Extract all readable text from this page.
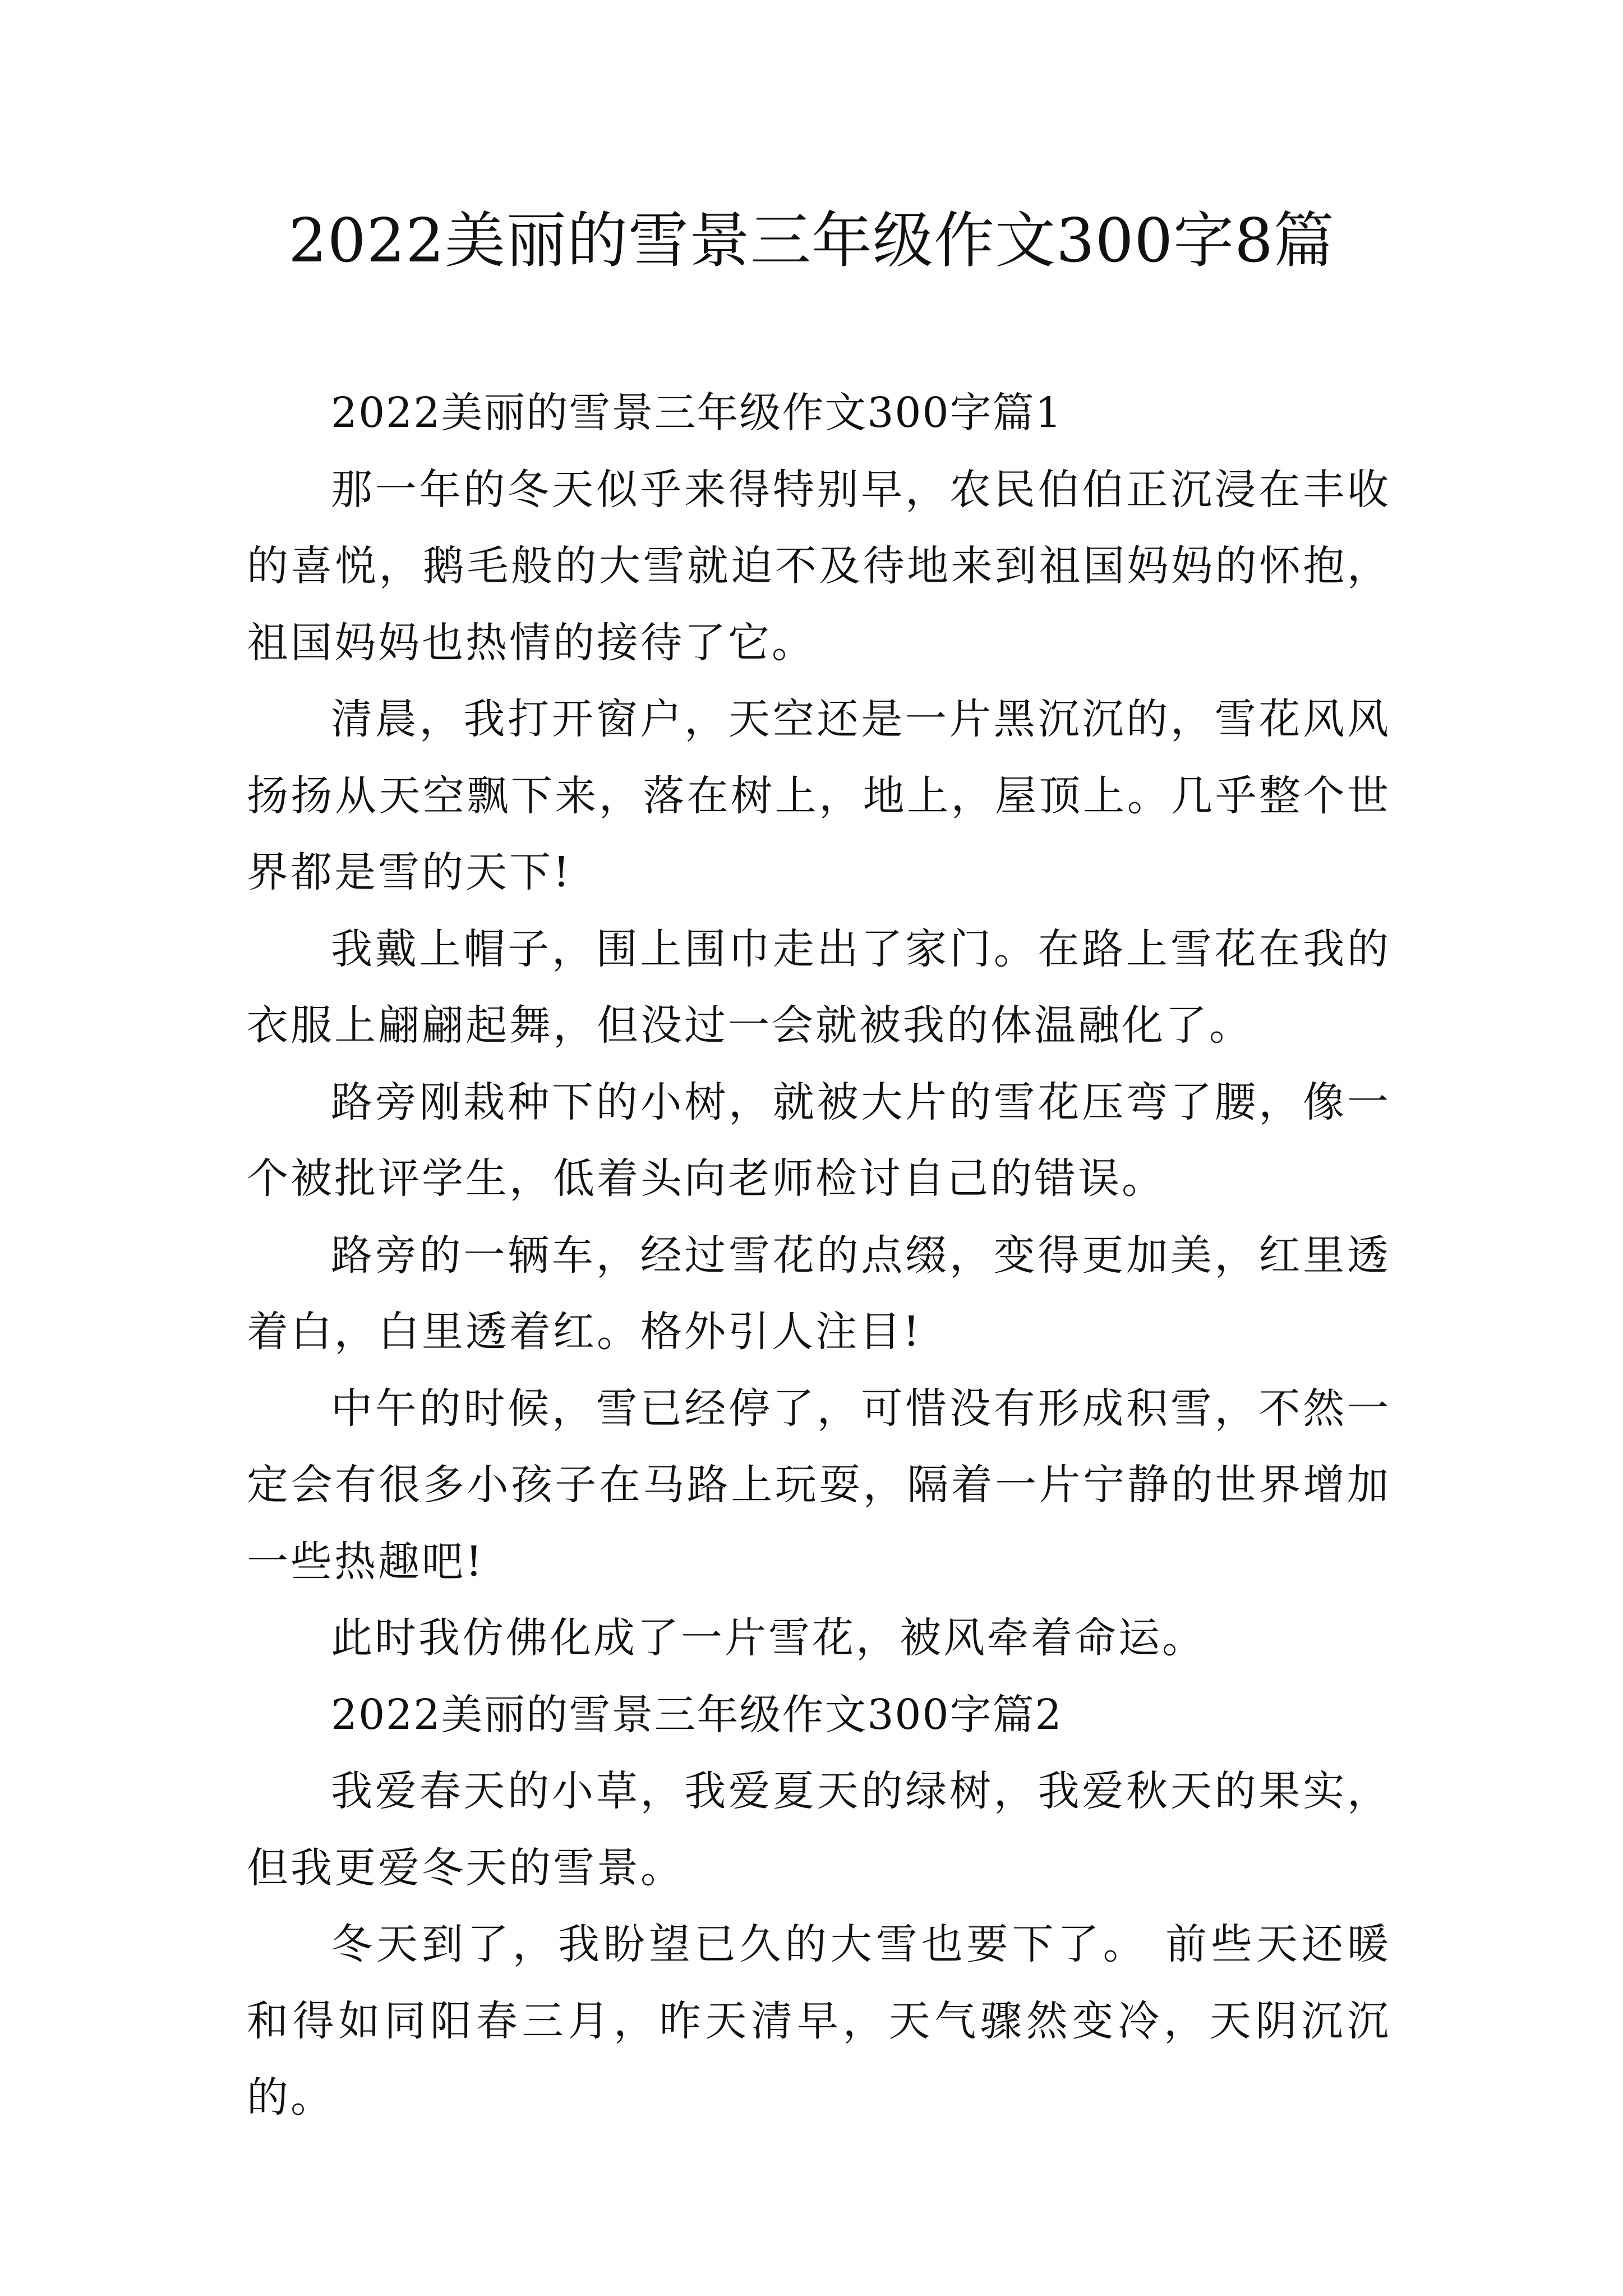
2022美丽的雪景三年级作文300字8篇

2022美丽的雪景三年级作文300字篇1

那一年的冬天似乎来得特别早，农民伯伯正沉浸在丰收的喜悦，鹅毛般的大雪就迫不及待地来到祖国妈妈的怀抱，祖国妈妈也热情的接待了它。

清晨，我打开窗户，天空还是一片黑沉沉的，雪花风风扬扬从天空飘下来，落在树上，地上，屋顶上。几乎整个世界都是雪的天下!

我戴上帽子，围上围巾走出了家门。在路上雪花在我的衣服上翩翩起舞，但没过一会就被我的体温融化了。

路旁刚栽种下的小树，就被大片的雪花压弯了腰，像一个被批评学生，低着头向老师检讨自己的错误。

路旁的一辆车，经过雪花的点缀，变得更加美，红里透着白，白里透着红。格外引人注目!

中午的时候，雪已经停了，可惜没有形成积雪，不然一定会有很多小孩子在马路上玩耍，隔着一片宁静的世界增加一些热趣吧!

此时我仿佛化成了一片雪花，被风牵着命运。

2022美丽的雪景三年级作文300字篇2

我爱春天的小草，我爱夏天的绿树，我爱秋天的果实，但我更爱冬天的雪景。

冬天到了，我盼望已久的大雪也要下了。 前些天还暖和得如同阳春三月，昨天清早，天气骤然变冷，天阴沉沉的。
